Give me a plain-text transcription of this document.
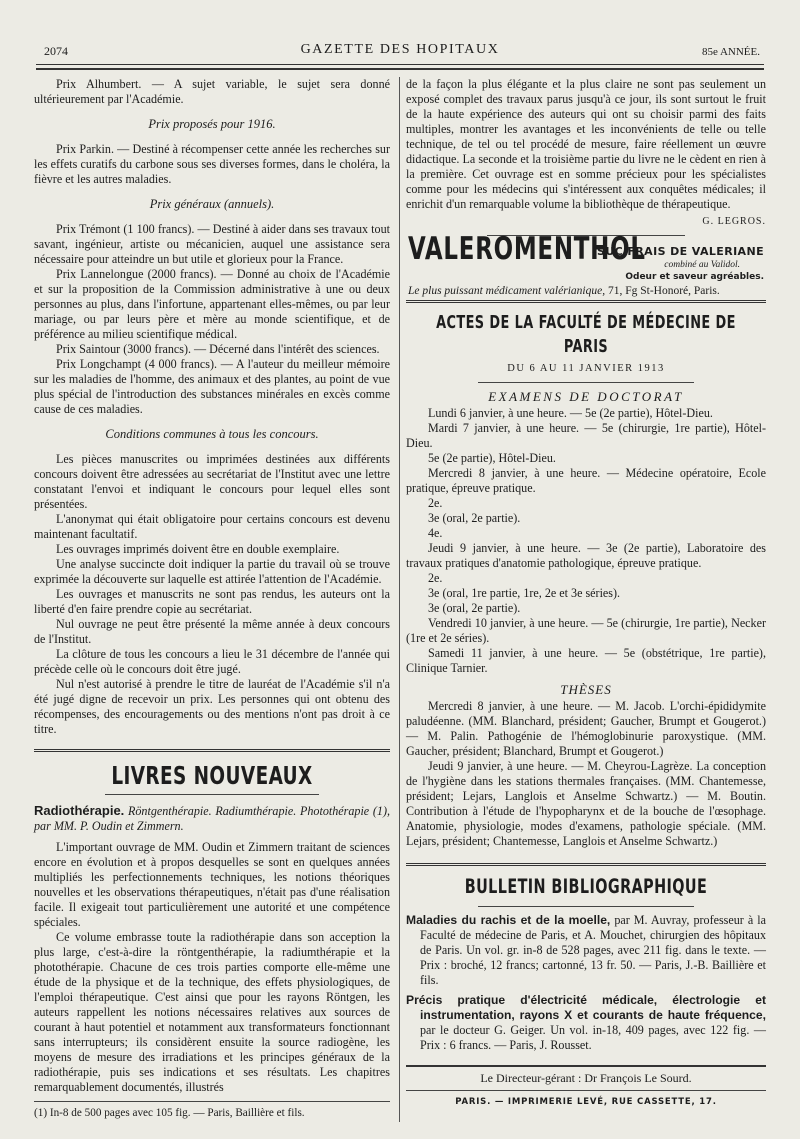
2074	GAZETTE DES HOPITAUX	85e ANNÉE.

Prix Alhumbert. — A sujet variable, le sujet sera donné ultérieurement par l'Académie.

Prix proposés pour 1916.

Prix Parkin. — Destiné à récompenser cette année les recherches sur les effets curatifs du carbone sous ses diverses formes, dans le choléra, la fièvre et les autres maladies.

Prix généraux (annuels).

Prix Trémont (1 100 francs). — Destiné à aider dans ses travaux tout savant, ingénieur, artiste ou mécanicien, auquel une assistance sera nécessaire pour atteindre un but utile et glorieux pour la France.

Prix Lannelongue (2000 francs). — Donné au choix de l'Académie et sur la proposition de la Commission administrative à une ou deux personnes au plus, dans l'infortune, appartenant elles-mêmes, ou par leur mariage, ou par leurs père et mère au monde scientifique, et de préférence au milieu scientifique médical.

Prix Saintour (3000 francs). — Décerné dans l'intérêt des sciences.

Prix Longchampt (4 000 francs). — A l'auteur du meilleur mémoire sur les maladies de l'homme, des animaux et des plantes, au point de vue plus spécial de l'introduction des substances minérales en excès comme cause de ces maladies.

Conditions communes à tous les concours.

Les pièces manuscrites ou imprimées destinées aux différents concours doivent être adressées au secrétariat de l'Institut avec une lettre constatant l'envoi et indiquant le concours pour lequel elles sont présentées.

L'anonymat qui était obligatoire pour certains concours est devenu maintenant facultatif.

Les ouvrages imprimés doivent être en double exemplaire.

Une analyse succincte doit indiquer la partie du travail où se trouve exprimée la découverte sur laquelle est attirée l'attention de l'Académie.

Les ouvrages et manuscrits ne sont pas rendus, les auteurs ont la liberté d'en faire prendre copie au secrétariat.

Nul ouvrage ne peut être présenté la même année à deux concours de l'Institut.

La clôture de tous les concours a lieu le 31 décembre de l'année qui précède celle où le concours doit être jugé.

Nul n'est autorisé à prendre le titre de lauréat de l'Académie s'il n'a été jugé digne de recevoir un prix. Les personnes qui ont obtenu des récompenses, des encouragements ou des mentions n'ont pas droit à ce titre.

LIVRES NOUVEAUX

Radiothérapie. Röntgenthérapie. Radiumthérapie. Photothérapie (1), par MM. P. Oudin et Zimmern.

L'important ouvrage de MM. Oudin et Zimmern traitant de sciences encore en évolution et à propos desquelles se sont en quelques années multipliés les perfectionnements techniques, les notions théoriques nouvelles et les observations thérapeutiques, n'était pas d'une réalisation facile. Il exigeait tout particulièrement une autorité et une compétence spéciales.

Ce volume embrasse toute la radiothérapie dans son acception la plus large, c'est-à-dire la röntgenthérapie, la radiumthérapie et la photothérapie. Chacune de ces trois parties comporte elle-même une étude de la physique et de la technique, des effets physiologiques, de l'emploi thérapeutique. C'est ainsi que pour les rayons Röntgen, les auteurs rappellent les notions nécessaires relatives aux sources de courant à haut potentiel et notamment aux transformateurs fonctionnant sans interrupteurs; ils considèrent ensuite la source radiogène, les moyens de mesure des irradiations et les principes généraux de la radiothérapie, puis ses indications et ses résultats. Les chapitres remarquablement documentés, illustrés

(1) In-8 de 500 pages avec 105 fig. — Paris, Baillière et fils.

de la façon la plus élégante et la plus claire ne sont pas seulement un exposé complet des travaux parus jusqu'à ce jour, ils sont surtout le fruit de la haute expérience des auteurs qui ont su choisir parmi des faits multiples, montrer les avantages et les inconvénients de telle ou telle technique, de tel ou tel procédé de mesure, faire réellement un œuvre didactique. La seconde et la troisième partie du livre ne le cèdent en rien à la première. Cet ouvrage est en somme précieux pour les spécialistes comme pour les médecins qui s'intéressent aux conquêtes médicales; il enrichit d'un remarquable volume la bibliothèque de thérapeutique.

G. LEGROS.

VALEROMENTHOL
SUC FRAIS DE VALERIANE
combiné au Validol.
Odeur et saveur agréables.
Le plus puissant médicament valérianique, 71, Fg St-Honoré, Paris.

ACTES DE LA FACULTÉ DE MÉDECINE DE PARIS

DU 6 AU 11 JANVIER 1913

EXAMENS DE DOCTORAT

Lundi 6 janvier, à une heure. — 5e (2e partie), Hôtel-Dieu.

Mardi 7 janvier, à une heure. — 5e (chirurgie, 1re partie), Hôtel-Dieu.

5e (2e partie), Hôtel-Dieu.

Mercredi 8 janvier, à une heure. — Médecine opératoire, Ecole pratique, épreuve pratique.

2e.

3e (oral, 2e partie).

4e.

Jeudi 9 janvier, à une heure. — 3e (2e partie), Laboratoire des travaux pratiques d'anatomie pathologique, épreuve pratique.

2e.

3e (oral, 1re partie, 1re, 2e et 3e séries).

3e (oral, 2e partie).

Vendredi 10 janvier, à une heure. — 5e (chirurgie, 1re partie), Necker (1re et 2e séries).

Samedi 11 janvier, à une heure. — 5e (obstétrique, 1re partie), Clinique Tarnier.

THÈSES

Mercredi 8 janvier, à une heure. — M. Jacob. L'orchi-épididymite paludéenne. (MM. Blanchard, président; Gaucher, Brumpt et Gougerot.) — M. Palin. Pathogénie de l'hémoglobinurie paroxystique. (MM. Gaucher, président; Blanchard, Brumpt et Gougerot.)

Jeudi 9 janvier, à une heure. — M. Cheyrou-Lagrèze. La conception de l'hygiène dans les stations thermales françaises. (MM. Chantemesse, président; Lejars, Langlois et Anselme Schwartz.) — M. Boutin. Contribution à l'étude de l'hypopharynx et de la bouche de l'œsophage. Anatomie, physiologie, modes d'examens, pathologie spéciale. (MM. Lejars, président; Chantemesse, Langlois et Anselme Schwartz.)

BULLETIN BIBLIOGRAPHIQUE

Maladies du rachis et de la moelle, par M. Auvray, professeur à la Faculté de médecine de Paris, et A. Mouchet, chirurgien des hôpitaux de Paris. Un vol. gr. in-8 de 528 pages, avec 211 fig. dans le texte. — Prix : broché, 12 francs; cartonné, 13 fr. 50. — Paris, J.-B. Baillière et fils.

Précis pratique d'électricité médicale, électrologie et instrumentation, rayons X et courants de haute fréquence, par le docteur G. Geiger. Un vol. in-18, 409 pages, avec 122 fig. — Prix : 6 francs. — Paris, J. Rousset.

Le Directeur-gérant : Dr François Le Sourd.

PARIS. — IMPRIMERIE LEVÉ, RUE CASSETTE, 17.
